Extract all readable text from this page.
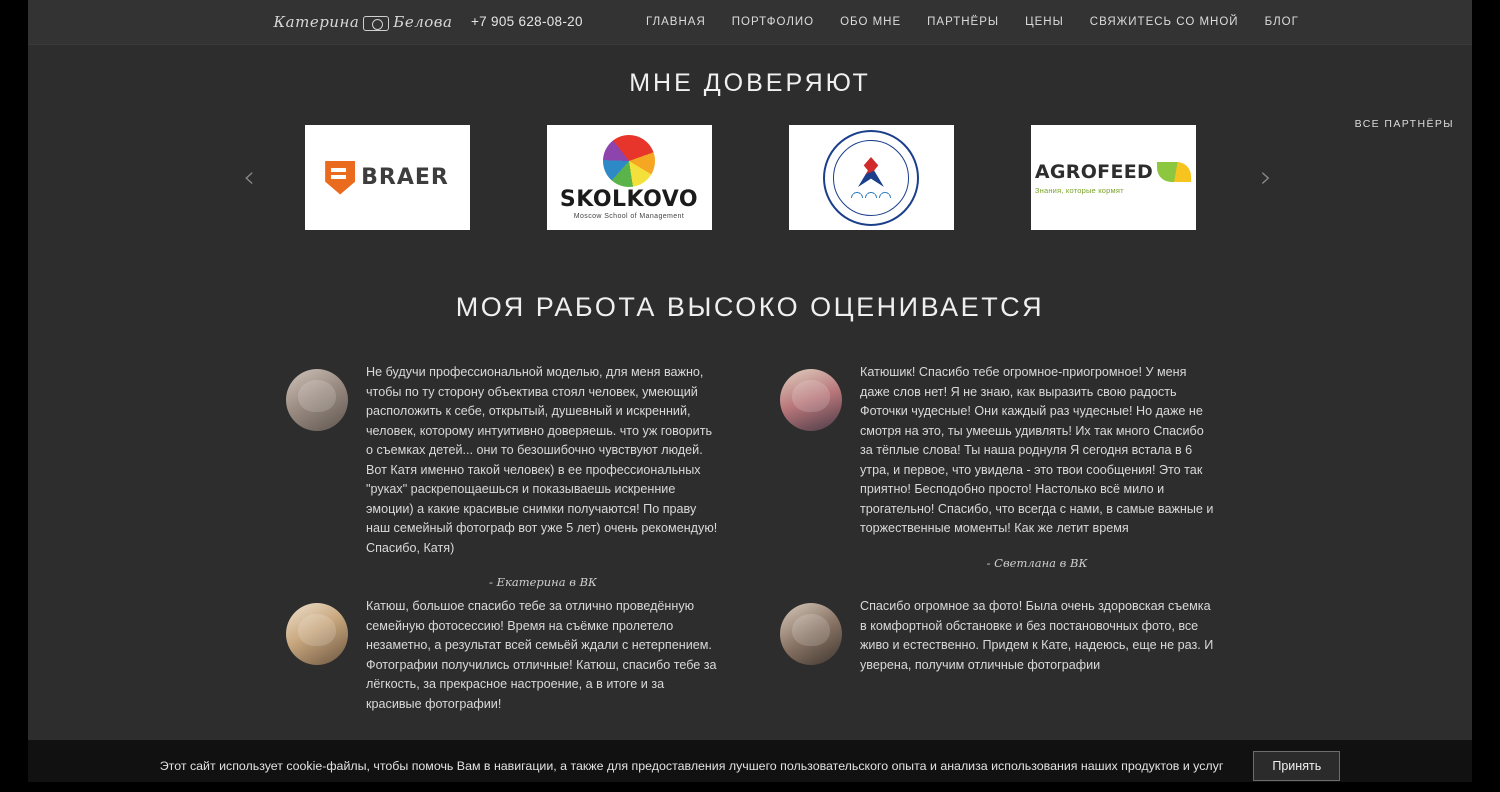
Катерина Белова +7 905 628-08-20	ГЛАВНАЯ	ПОРТФОЛИО	ОБО МНЕ	ПАРТНЁРЫ	ЦЕНЫ	СВЯЖИТЕСЬ СО МНОЙ	БЛОГ
МНЕ ДОВЕРЯЮТ
ВСЕ ПАРТНЁРЫ
‹	›
BRAER
SKOLKOVO
Moscow School of Management
AGROFEED
Знания, которые кормят
МОЯ РАБОТА ВЫСОКО ОЦЕНИВАЕТСЯ

Не будучи профессиональной моделью, для меня важно, чтобы по ту сторону объектива стоял человек, умеющий расположить к себе, открытый, душевный и искренний, человек, которому интуитивно доверяешь. что уж говорить о съемках детей... они то безошибочно чувствуют людей. Вот Катя именно такой человек) в ее профессиональных "руках" раскрепощаешься и показываешь искренние эмоции) а какие красивые снимки получаются! По праву наш семейный фотограф вот уже 5 лет) очень рекомендую! Спасибо, Катя)

- Екатерина в ВК

Катюшик! Спасибо тебе огромное-приогромное! У меня даже слов нет! Я не знаю, как выразить свою радость Фоточки чудесные! Они каждый раз чудесные! Но даже не смотря на это, ты умеешь удивлять! Их так много Спасибо за тёплые слова! Ты наша роднуля Я сегодня встала в 6 утра, и первое, что увидела - это твои сообщения! Это так приятно! Бесподобно просто! Настолько всё мило и трогательно! Спасибо, что всегда с нами, в самые важные и торжественные моменты! Как же летит время

- Светлана в ВК

Катюш, большое спасибо тебе за отлично проведённую семейную фотосессию! Время на съёмке пролетело незаметно, а результат всей семьёй ждали с нетерпением. Фотографии получились отличные! Катюш, спасибо тебе за лёгкость, за прекрасное настроение, а в итоге и за красивые фотографии!

Спасибо огромное за фото! Была очень здоровская съемка в комфортной обстановке и без постановочных фото, все живо и естественно. Придем к Кате, надеюсь, еще не раз. И уверена, получим отличные фотографии

Этот сайт использует cookie-файлы, чтобы помочь Вам в навигации, а также для предоставления лучшего пользовательского опыта и анализа использования наших продуктов и услуг	Принять
